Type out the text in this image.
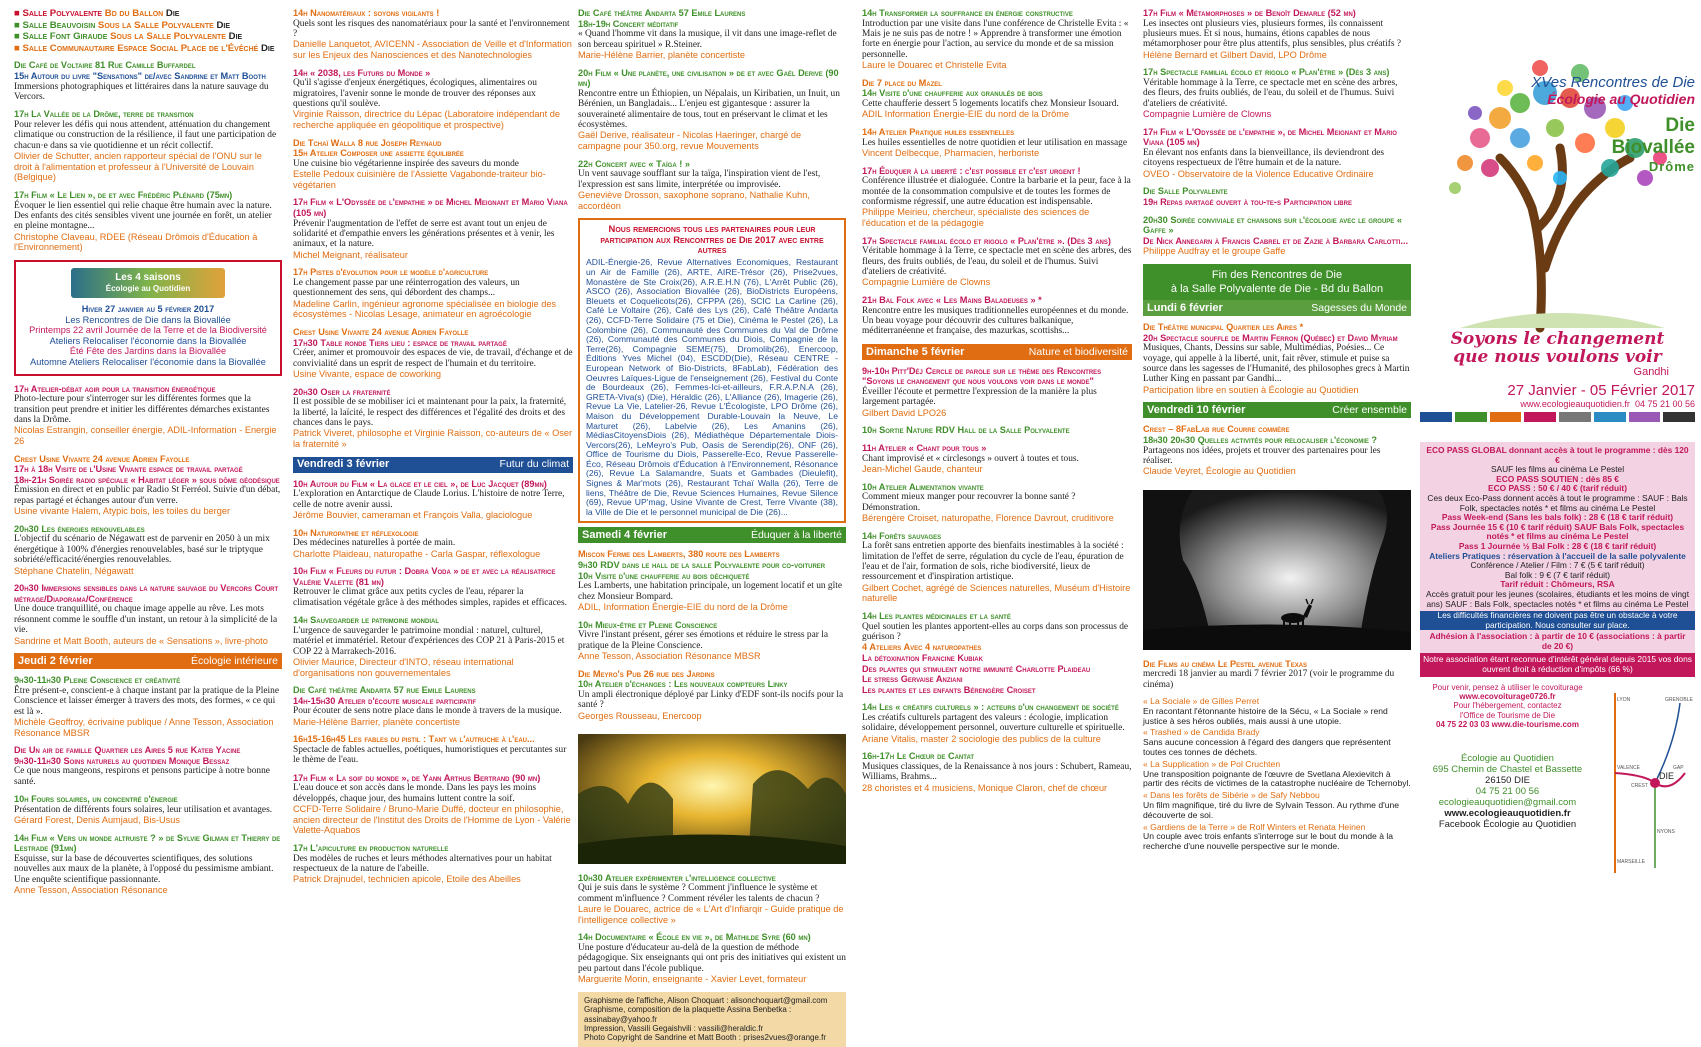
■ Salle Polyvalente Bd du Ballon Die
■ Salle Beauvoisin Sous la Salle Polyvalente Die
■ Salle Font Giraude Sous la Salle Polyvalente Die
■ Salle Communautaire Espace Social Place de l'Évêché Die
Die Café de Voltaire 81 Rue Camille Buffardel
15h Autour du livre "Sensations" de/avec Sandrine et Matt Booth
Immersions photographiques et littéraires dans la nature sauvage du Vercors.
17h La Vallée de la Drôme, terre de transition
Pour relever les défis qui nous attendent, atténuation du changement climatique ou construction de la résilience, il faut une participation de chacun·e dans sa vie quotidienne et un récit collectif.
Olivier de Schutter, ancien rapporteur spécial de l'ONU sur le droit à l'alimentation et professeur à l'Université de Louvain (Belgique)
17h Film « Le Lien », de et avec Frédéric Plénard (75mn)
Évoquer le lien essentiel qui relie chaque être humain avec la nature. Des enfants des cités sensibles vivent une journée en forêt, un atelier en pleine montagne...
Christophe Claveau, RDEE (Réseau Drômois d'Éducation à l'Environnement)
Les 4 saisons
Écologie au Quotidien
Hiver 27 janvier au 5 février 2017
Les Rencontres de Die dans la Biovallée
Printemps 22 avril Journée de la Terre et de la Biodiversité
Ateliers Relocaliser l'économie dans la Biovallée
Été Fête des Jardins dans la Biovallée
Automne Ateliers Relocaliser l'économie dans la Biovallée
17h Atelier-débat agir pour la transition énergétique
Photo-lecture pour s'interroger sur les différentes formes que la transition peut prendre et initier les différentes démarches existantes dans la Drôme.
Nicolas Estrangin, conseiller énergie, ADIL-Information - Energie 26
Crest Usine Vivante 24 avenue Adrien Fayolle
17h à 18h Visite de l'Usine Vivante espace de travail partagé
18h-21h Soirée radio spéciale « Habitat léger » sous dôme géodésique
Émission en direct et en public par Radio St Ferréol. Suivie d'un débat, repas partagé et échanges autour d'un verre.
Usine vivante Halem, Atypic bois, les toiles du berger
20h30 Les énergies renouvelables
L'objectif du scénario de Négawatt est de parvenir en 2050 à un mix énergétique à 100% d'énergies renouvelables, basé sur le triptyque sobriété/efficacité/énergies renouvelables.
Stéphane Chatelin, Négawatt
20h30 Immersions sensibles dans la nature sauvage du Vercors Court métrage/Diaporama/Conférence
Une douce tranquillité, ou chaque image appelle au rêve. Les mots résonnent comme le souffle d'un instant, un retour à la simplicité de la vie.
Sandrine et Matt Booth, auteurs de « Sensations », livre-photo
Jeudi 2 février	Écologie intérieure
9h30-11h30 Pleine Conscience et créativité
Être présent-e, conscient-e à chaque instant par la pratique de la Pleine Conscience et laisser émerger à travers des mots, des formes, « ce qui est là ».
Michèle Geoffroy, écrivaine publique / Anne Tesson, Association Résonance MBSR
Die Un air de famille Quartier les Aires 5 rue Kateb Yacine
9h30-11h30 Soins naturels au quotidien Monique Bessaz
Ce que nous mangeons, respirons et pensons participe à notre bonne santé.
10h Fours solaires, un concentré d'énergie
Présentation de différents fours solaires, leur utilisation et avantages.
Gérard Forest, Denis Aumjaud, Bis-Usus
14h Film « Vers un monde altruiste ? » de Sylvie Gilman et Thierry de Lestrade (91mn)
Esquisse, sur la base de découvertes scientifiques, des solutions nouvelles aux maux de la planète, à l'opposé du pessimisme ambiant. Une enquête scientifique passionnante.
Anne Tesson, Association Résonance
14h Nanomatériaux : soyons vigilants !
Quels sont les risques des nanomatériaux pour la santé et l'environnement ?
Danielle Lanquetot, AVICENN - Association de Veille et d'Information sur les Enjeux des Nanosciences et des Nanotechnologies
14h « 2038, les Futurs du Monde »
Qu'il s'agisse d'enjeux énergétiques, écologiques, alimentaires ou migratoires, l'avenir sonne le monde de trouver des réponses aux questions qu'il soulève.
Virginie Raisson, directrice du Lépac (Laboratoire indépendant de recherche appliquée en géopolitique et prospective)
Die Tchaï Walla 8 rue Joseph Reynaud
15h Atelier Composer une assiette équilibrée
Une cuisine bio végétarienne inspirée des saveurs du monde
Estelle Pedoux cuisinière de l'Assiette Vagabonde-traiteur bio-végétarien
17h Film « L'Odyssée de l'empathie » de Michel Meignant et Mario Viana (105 mn)
Prévenir l'augmentation de l'effet de serre est avant tout un enjeu de solidarité et d'empathie envers les générations présentes et à venir, les animaux, et la nature.
Michel Meignant, réalisateur
17h Pistes d'évolution pour le modèle d'agriculture
Le changement passe par une réinterrogation des valeurs, un questionnement des sens, qui débordent des champs...
Madeline Carlin, ingénieur agronome spécialisée en biologie des écosystèmes - Nicolas Lesage, animateur en agroécologie
Crest Usine Vivante 24 avenue Adrien Fayolle
17h30 Table ronde Tiers lieu : espace de travail partagé
Créer, animer et promouvoir des espaces de vie, de travail, d'échange et de convivialité dans un esprit de respect de l'humain et du territoire.
Usine Vivante, espace de coworking
20h30 Oser la fraternité
Il est possible de se mobiliser ici et maintenant pour la paix, la fraternité, la liberté, la laïcité, le respect des différences et l'égalité des droits et des chances dans le pays.
Patrick Viveret, philosophe et Virginie Raisson, co-auteurs de « Oser la fraternité »
Vendredi 3 février	Futur du climat
10h Autour du Film « La glace et le ciel », de Luc Jacquet (89mn)
L'exploration en Antarctique de Claude Lorius. L'histoire de notre Terre, celle de notre avenir aussi.
Jérôme Bouvier, cameraman et François Valla, glaciologue
10h Naturopathie et réflexologie
Des médecines naturelles à portée de main.
Charlotte Plaideau, naturopathe - Carla Gaspar, réflexologue
10h Film « Fleurs du futur : Dobra Voda » de et avec la réalisatrice Valérie Valette (81 mn)
Retrouver le climat grâce aux petits cycles de l'eau, réparer la climatisation végétale grâce à des méthodes simples, rapides et efficaces.
14h Sauvegarder le patrimoine mondial
L'urgence de sauvegarder le patrimoine mondial : naturel, culturel, matériel et immatériel. Retour d'expériences des COP 21 à Paris-2015 et COP 22 à Marrakech-2016.
Olivier Maurice, Directeur d'INTO, réseau international d'organisations non gouvernementales
Die Café théâtre Andarta 57 rue Emile Laurens
14h-15h30 Atelier d'écoute musicale participatif
Pour écouter de sens notre place dans le monde à travers de la musique.
Marie-Hélène Barrier, planète concertiste
16h15-16h45 Les fables du pistil : Tant va l'autruche à l'eau...
Spectacle de fables actuelles, poétiques, humoristiques et percutantes sur le thème de l'eau.
17h Film « La soif du monde », de Yann Arthus Bertrand (90 mn)
L'eau douce et son accès dans le monde. Dans les pays les moins développés, chaque jour, des humains luttent contre la soif.
CCFD-Terre Solidaire / Bruno-Marie Duffé, docteur en philosophie, ancien directeur de l'Institut des Droits de l'Homme de Lyon - Valérie Valette-Aquabos
17h L'apiculture en production naturelle
Des modèles de ruches et leurs méthodes alternatives pour un habitat respectueux de la nature de l'abeille.
Patrick Drajnudel, technicien apicole, Etoile des Abeilles
Die Café théâtre Andarta 57 Emile Laurens
18h-19h Concert méditatif
« Quand l'homme vit dans la musique, il vit dans une image-reflet de son berceau spirituel » R.Steiner.
Marie-Hélène Barrier, planète concertiste
20h Film « Une planète, une civilisation » de et avec Gaël Derive (90 mn)
Rencontre entre un Éthiopien, un Népalais, un Kiribatien, un Inuit, un Bérénien, un Bangladais... L'enjeu est gigantesque : assurer la souveraineté alimentaire de tous, tout en préservant le climat et les écosystèmes.
Gaël Derive, réalisateur - Nicolas Haeringer, chargé de campagne pour 350.org, revue Mouvements
22h Concert avec « Taïga ! »
Un vent sauvage soufflant sur la taïga, l'inspiration vient de l'est, l'expression est sans limite, interprétée ou improvisée.
Geneviève Drosson, saxophone soprano, Nathalie Kuhn, accordéon
Nous remercions tous les partenaires pour leur participation aux Rencontres de Die 2017 avec entre autres
ADIL-Énergie-26, Revue Alternatives Economiques, Restaurant un Air de Famille (26), ARTE, AIRE-Trésor (26), Prise2vues, Monastère de Ste Croix(26), A.R.E.H.N (76), L'Arrêt Public (26), ASCO (26), Association Biovallée (26), BioDistricts Européens, Bleuets et Coquelicots(26), CFPPA (26), SCIC La Carline (26), Café Le Voltaire (26), Café des Lys (26), Café Théâtre Andarta (26), CCFD-Terre Solidaire (75 et Die), Cinéma le Pestel (26), La Colombine (26), Communauté des Communes du Val de Drôme (26), Communauté des Communes du Diois, Compagnie de la Terre(26), Compagnie SEME(75), Dromolib(26), Enercoop, Éditions Yves Michel (04), ESCDD(Die), Réseau CENTRE - European Network of Bio-Districts, 8FabLab), Fédération des Oeuvres Laïques-Ligue de l'enseignement (26), Festival du Conte de Bourdeaux (26), Femmes-Ici-et-ailleurs, F.R.A.P.N.A (26), GRETA-Viva(s) (Die), Héraldic (26), L'Alliance (26), Imagerie (26), Revue La Vie, Latelier-26, Revue L'Écologiste, LPO Drôme (26), Maison du Développement Durable-Louvain la Neuve, Le Marturet (26), Labelvie (26), Les Amanins (26), MédiasCitoyensDiois (26), Médiathèque Départementale Diois-Vercors(26), LeMeyro's Pub, Oasis de Serendip(26), ONF (26), Office de Tourisme du Diois, Passerelle-Eco, Revue Passerelle-Éco, Réseau Drômois d'Éducation à l'Environnement, Résonance (26), Revue La Salamandre, Suats et Gambades (Dieulefit), Signes & Mar'mots (26), Restaurant Tchaï Walla (26), Terre de liens, Théâtre de Die, Revue Sciences Humaines, Revue Silence (69), Revue UP'mag, Usine Vivante de Crest, Terre Vivante (38), la Ville de Die et le personnel municipal de Die (26)...
Samedi 4 février	Éduquer à la liberté
Miscon Ferme des Lamberts, 380 route des Lamberts
9h30 RDV dans le hall de la salle Polyvalente pour co-voiturer
10h Visite d'une chaufferie au bois déchiqueté
Les Lamberts, une habitation principale, un logement locatif et un gîte chez Monsieur Bompard.
ADIL, Information Énergie-EIE du nord de la Drôme
10h Mieux-être et Pleine Conscience
Vivre l'instant présent, gérer ses émotions et réduire le stress par la pratique de la Pleine Conscience.
Anne Tesson, Association Résonance MBSR
Die Meyro's Pub 26 rue des Jardins
10h Atelier d'échanges : Les nouveaux compteurs Linky
Un ampli électronique déployé par Linky d'EDF sont-ils nocifs pour la santé ?
Georges Rousseau, Enercoop
10h30 Atelier expérimenter l'intelligence collective
Qui je suis dans le système ? Comment j'influence le système et comment m'influence ? Comment révéler les talents de chacun ?
Laure le Douarec, actrice de « L'Art d'Infiarqir - Guide pratique de l'intelligence collective »
14h Documentaire « École en vie », de Mathilde Syre (60 mn)
Une posture d'éducateur au-delà de la question de méthode pédagogique. Six enseignants qui ont pris des initiatives qui existent un peu partout dans l'école publique.
Marguerite Morin, enseignante - Xavier Levet, formateur
Graphisme de l'affiche, Alison Choquart : alisonchoquart@gmail.com
Graphisme, composition de la plaquette Assina Benbetka : assinabay@yahoo.fr
Impression, Vassili Gegaishvili : vassili@heraldic.fr
Photo Copyright de Sandrine et Matt Booth : prises2vues@orange.fr
14h Transformer la souffrance en énergie constructive
Introduction par une visite dans l'une conférence de Christelle Evita : « Mais je ne suis pas de notre ! » Apprendre à transformer une émotion forte en énergie pour l'action, au service du monde et de sa mission personnelle.
Laure le Douarec et Christelle Evita
Die 7 place du Mazel
14h Visite d'une chaufferie aux granulés de bois
Cette chaufferie dessert 5 logements locatifs chez Monsieur Isouard.
ADIL Information Énergie-EIE du nord de la Drôme
14h Atelier Pratique huiles essentielles
Les huiles essentielles de notre quotidien et leur utilisation en massage
Vincent Delbecque, Pharmacien, herboriste
17h Éduquer à la liberté : c'est possible et c'est urgent !
Conférence illustrée et dialoguée. Contre la barbarie et la peur, face à la montée de la consommation compulsive et de toutes les formes de conformisme régressif, une autre éducation est indispensable.
Philippe Meirieu, chercheur, spécialiste des sciences de l'éducation et de la pédagogie
17h Spectacle familial écolo et rigolo « Plan'ètre ». (Dès 3 ans)
Véritable hommage à la Terre, ce spectacle met en scène des arbres, des fleurs, des fruits oubliés, de l'eau, du soleil et de l'humus. Suivi d'ateliers de créativité.
Compagnie Lumière de Clowns
21h Bal Folk avec « Les Mains Baladeuses » *
Rencontre entre les musiques traditionnelles européennes et du monde. Un beau voyage pour découvrir des cultures balkanique, méditerranéenne et française, des mazurkas, scottishs...
Dimanche 5 février	Nature et biodiversité
9h-10h Pitt'Déj Cercle de parole sur le thème des Rencontres "Soyons le changement que nous voulons voir dans le monde"
Éveiller l'écoute et permettre l'expression de la manière la plus largement partagée.
Gilbert David LPO26
10h Sortie Nature RDV Hall de la Salle Polyvalente
11h Atelier « Chant pour tous »
Chant improvisé et « circlesongs » ouvert à toutes et tous.
Jean-Michel Gaude, chanteur
10h Atelier Alimentation vivante
Comment mieux manger pour recouvrer la bonne santé ? Démonstration.
Bérengère Croiset, naturopathe, Florence Davrout, cruditivore
14h Forêts sauvages
La forêt sans entretien apporte des bienfaits inestimables à la société : limitation de l'effet de serre, régulation du cycle de l'eau, épuration de l'eau et de l'air, formation de sols, riche biodiversité, lieux de ressourcement et d'inspiration artistique.
Gilbert Cochet, agrégé de Sciences naturelles, Muséum d'Histoire naturelle
14h Les plantes médicinales et la santé
Quel soutien les plantes apportent-elles au corps dans son processus de guérison ?
4 Ateliers Avec 4 naturopathes
La détoxination Francine Kubiak
Des plantes qui stimulent notre immunité Charlotte Plaideau
Le stress Gervaise Anziani
Les plantes et les enfants Bérengère Croiset
14h Les « créatifs culturels » : acteurs d'un changement de société
Les créatifs culturels partagent des valeurs : écologie, implication solidaire, développement personnel, ouverture culturelle et spirituelle.
Ariane Vitalis, master 2 sociologie des publics de la culture
16h-17h Le Chœur de Cantat
Musiques classiques, de la Renaissance à nos jours : Schubert, Rameau, Williams, Brahms...
28 choristes et 4 musiciens, Monique Claron, chef de chœur
17h Film « Métamorphoses » de Benoît Demarle (52 mn)
Les insectes ont plusieurs vies, plusieurs formes, ils connaissent plusieurs mues. Et si nous, humains, étions capables de nous métamorphoser pour être plus attentifs, plus sensibles, plus créatifs ?
Hélène Bernard et Gilbert David, LPO Drôme
17h Spectacle familial écolo et rigolo « Plan'ètre » (Dès 3 ans)
Véritable hommage à la Terre, ce spectacle met en scène des arbres, des fleurs, des fruits oubliés, de l'eau, du soleil et de l'humus. Suivi d'ateliers de créativité.
Compagnie Lumière de Clowns
17h Film « L'Odyssée de l'empathie », de Michel Meignant et Mario Viana (105 mn)
En élevant nos enfants dans la bienveillance, ils deviendront des citoyens respectueux de l'être humain et de la nature.
OVEO - Observatoire de la Violence Educative Ordinaire
Die Salle Polyvalente
19h Repas partagé ouvert à tou-te-s Participation libre
20h30 Soirée conviviale et chansons sur l'écologie avec le groupe « Gaffe »
De Nick Annegarn à Francis Cabrel et de Zazie à Barbara Carlotti...
Philippe Audfray et le groupe Gaffe
Fin des Rencontres de Die
à la Salle Polyvalente de Die - Bd du Ballon
Lundi 6 février	Sagesses du Monde
Die Théâtre municipal Quartier les Aires *
20h Spectacle souffle de Martin Ferron (Québec) et David Myriam
Musiques, Chants, Dessins sur sable, Multimédias, Poésies... Ce voyage, qui appelle à la liberté, unit, fait rêver, stimule et puise sa source dans les sagesses de l'Humanité, des philosophes grecs à Martin Luther King en passant par Gandhi...
Participation libre en soutien à Écologie au Quotidien
Vendredi 10 février	Créer ensemble
Crest – 8FabLab rue Courre commère
18h30 20h30 Quelles activités pour relocaliser l'économie ?
Partageons nos idées, projets et trouver des partenaires pour les réaliser.
Claude Veyret, Écologie au Quotidien
Die Films au cinéma Le Pestel avenue Texas
mercredi 18 janvier au mardi 7 février 2017 (voir le programme du cinéma)
« La Sociale » de Gilles Perret
En racontant l'étonnante histoire de la Sécu, « La Sociale » rend justice à ses héros oubliés, mais aussi à une utopie.
« Trashed » de Candida Brady
Sans aucune concession à l'égard des dangers que représentent toutes ces tonnes de déchets.
« La Supplication » de Pol Cruchten
Une transposition poignante de l'œuvre de Svetlana Alexievitch à partir des récits de victimes de la catastrophe nucléaire de Tchernobyl.
« Dans les forêts de Sibérie » de Safy Nebbou
Un film magnifique, tiré du livre de Sylvain Tesson. Au rythme d'une découverte de soi.
« Gardiens de la Terre » de Rolf Winters et Renata Heinen
Un couple avec trois enfants s'interroge sur le bout du monde à la recherche d'une nouvelle perspective sur le monde.
XVes Rencontres de Die
Écologie au Quotidien
Die
Biovallée
Drôme
Soyons le changement
que nous voulons voir
Gandhi
27 Janvier - 05 Février 2017
www.ecologieauquotidien.fr 04 75 21 00 56
ECO PASS GLOBAL donnant accès à tout le programme : dès 120 €
SAUF les films au cinéma Le Pestel
ECO PASS SOUTIEN : dès 85 €
ECO PASS : 50 € / 40 € (tarif réduit)
Ces deux Eco-Pass donnent accès à tout le programme : SAUF : Bals Folk, spectacles notés * et films au cinéma Le Pestel
Pass Week-end (Sans les bals folk) : 28 € (18 € tarif réduit)
Pass Journée 15 € (10 € tarif réduit) SAUF Bals Folk, spectacles notés * et films au cinéma Le Pestel
Pass 1 Journée ½ Bal Folk : 28 € (18 € tarif réduit)
Ateliers Pratiques : réservation à l'accueil de la salle polyvalente
Conférence / Atelier / Film : 7 € (5 € tarif réduit)
Bal folk : 9 € (7 € tarif réduit)
Tarif réduit : Chômeurs, RSA
Accès gratuit pour les jeunes (scolaires, étudiants et les moins de vingt ans) SAUF : Bals Folk, spectacles notés * et films au cinéma Le Pestel
Les difficultés financières ne doivent pas être un obstacle à votre participation. Nous consulter sur place.
Adhésion à l'association : à partir de 10 € (associations : à partir de 20 €)
Notre association étant reconnue d'intérêt général depuis 2015 vos dons ouvrent droit à réduction d'impôts (66 %)
Pour venir, pensez à utiliser le covoiturage
www.ecovoiturage0726.fr
Pour l'hébergement, contactez
l'Office de Tourisme de Die
04 75 22 03 03 www.die-tourisme.com
DIE
LYON
VALENCE
CREST
GAP
GRENOBLE
NYONS
MARSEILLE
Écologie au Quotidien
695 Chemin de Chastel et Bassette
26150 DIE
04 75 21 00 56
ecologieauquotidien@gmail.com
www.ecologieauquotidien.fr
Facebook Écologie au Quotidien
